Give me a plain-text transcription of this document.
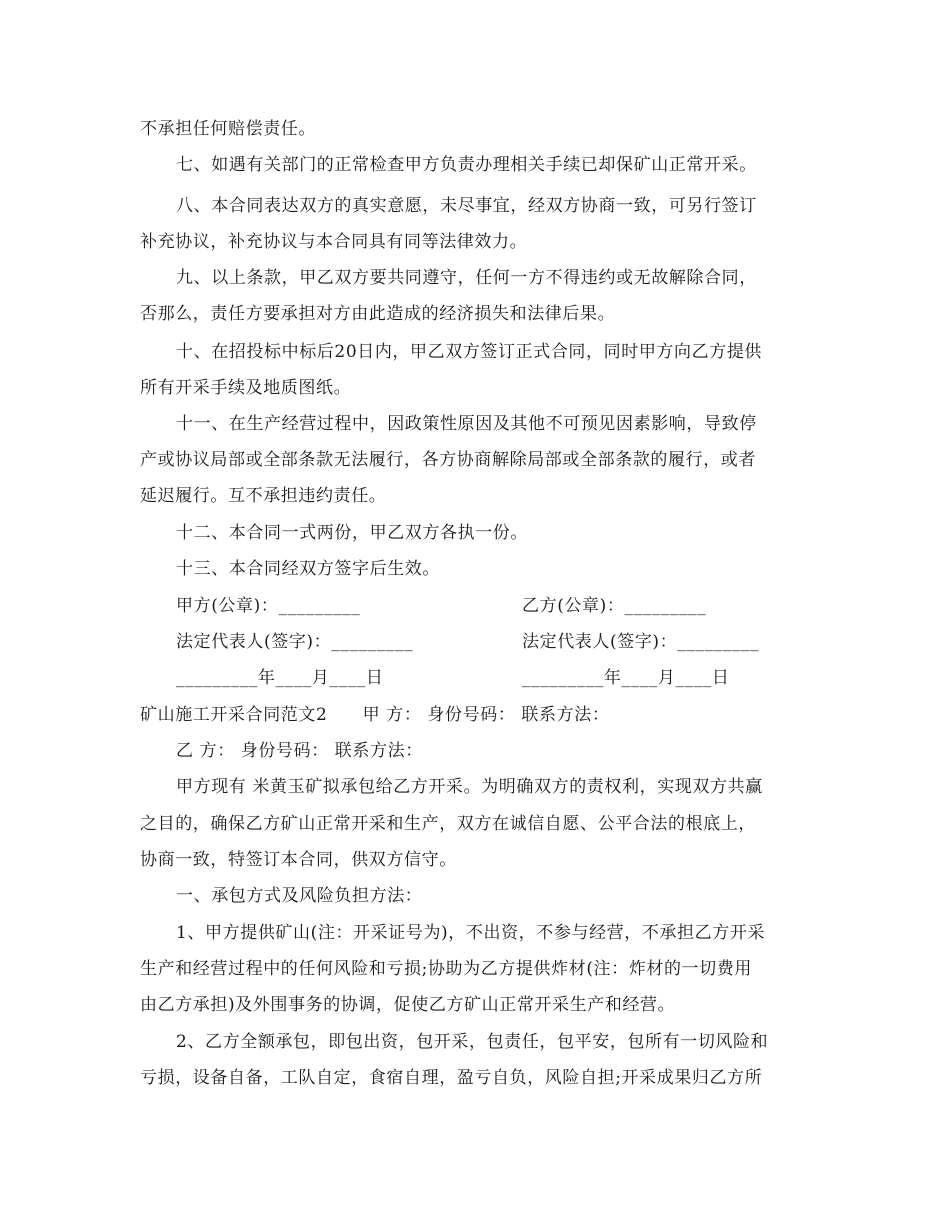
不承担任何赔偿责任。
七、如遇有关部门的正常检查甲方负责办理相关手续已却保矿山正常开采。
八、本合同表达双方的真实意愿，未尽事宜，经双方协商一致，可另行签订
补充协议，补充协议与本合同具有同等法律效力。
九、以上条款，甲乙双方要共同遵守，任何一方不得违约或无故解除合同，
否那么，责任方要承担对方由此造成的经济损失和法律后果。
十、在招投标中标后20日内，甲乙双方签订正式合同，同时甲方向乙方提供
所有开采手续及地质图纸。
十一、在生产经营过程中，因政策性原因及其他不可预见因素影响，导致停
产或协议局部或全部条款无法履行，各方协商解除局部或全部条款的履行，或者
延迟履行。互不承担违约责任。
十二、本合同一式两份，甲乙双方各执一份。
十三、本合同经双方签字后生效。
甲方(公章)：_________	乙方(公章)：_________
法定代表人(签字)：_________	法定代表人(签字)：_________
_________年____月____日	_________年____月____日
矿山施工开采合同范文2　　甲 方： 身份号码： 联系方法：
乙 方： 身份号码： 联系方法：
甲方现有 米黄玉矿拟承包给乙方开采。为明确双方的责权利，实现双方共赢
之目的，确保乙方矿山正常开采和生产，双方在诚信自愿、公平合法的根底上，
协商一致，特签订本合同，供双方信守。
一、承包方式及风险负担方法：
1、甲方提供矿山(注：开采证号为)，不出资，不参与经营，不承担乙方开采
生产和经营过程中的任何风险和亏损;协助为乙方提供炸材(注：炸材的一切费用
由乙方承担)及外围事务的协调，促使乙方矿山正常开采生产和经营。
2、乙方全额承包，即包出资，包开采，包责任，包平安，包所有一切风险和
亏损，设备自备，工队自定，食宿自理，盈亏自负，风险自担;开采成果归乙方所
